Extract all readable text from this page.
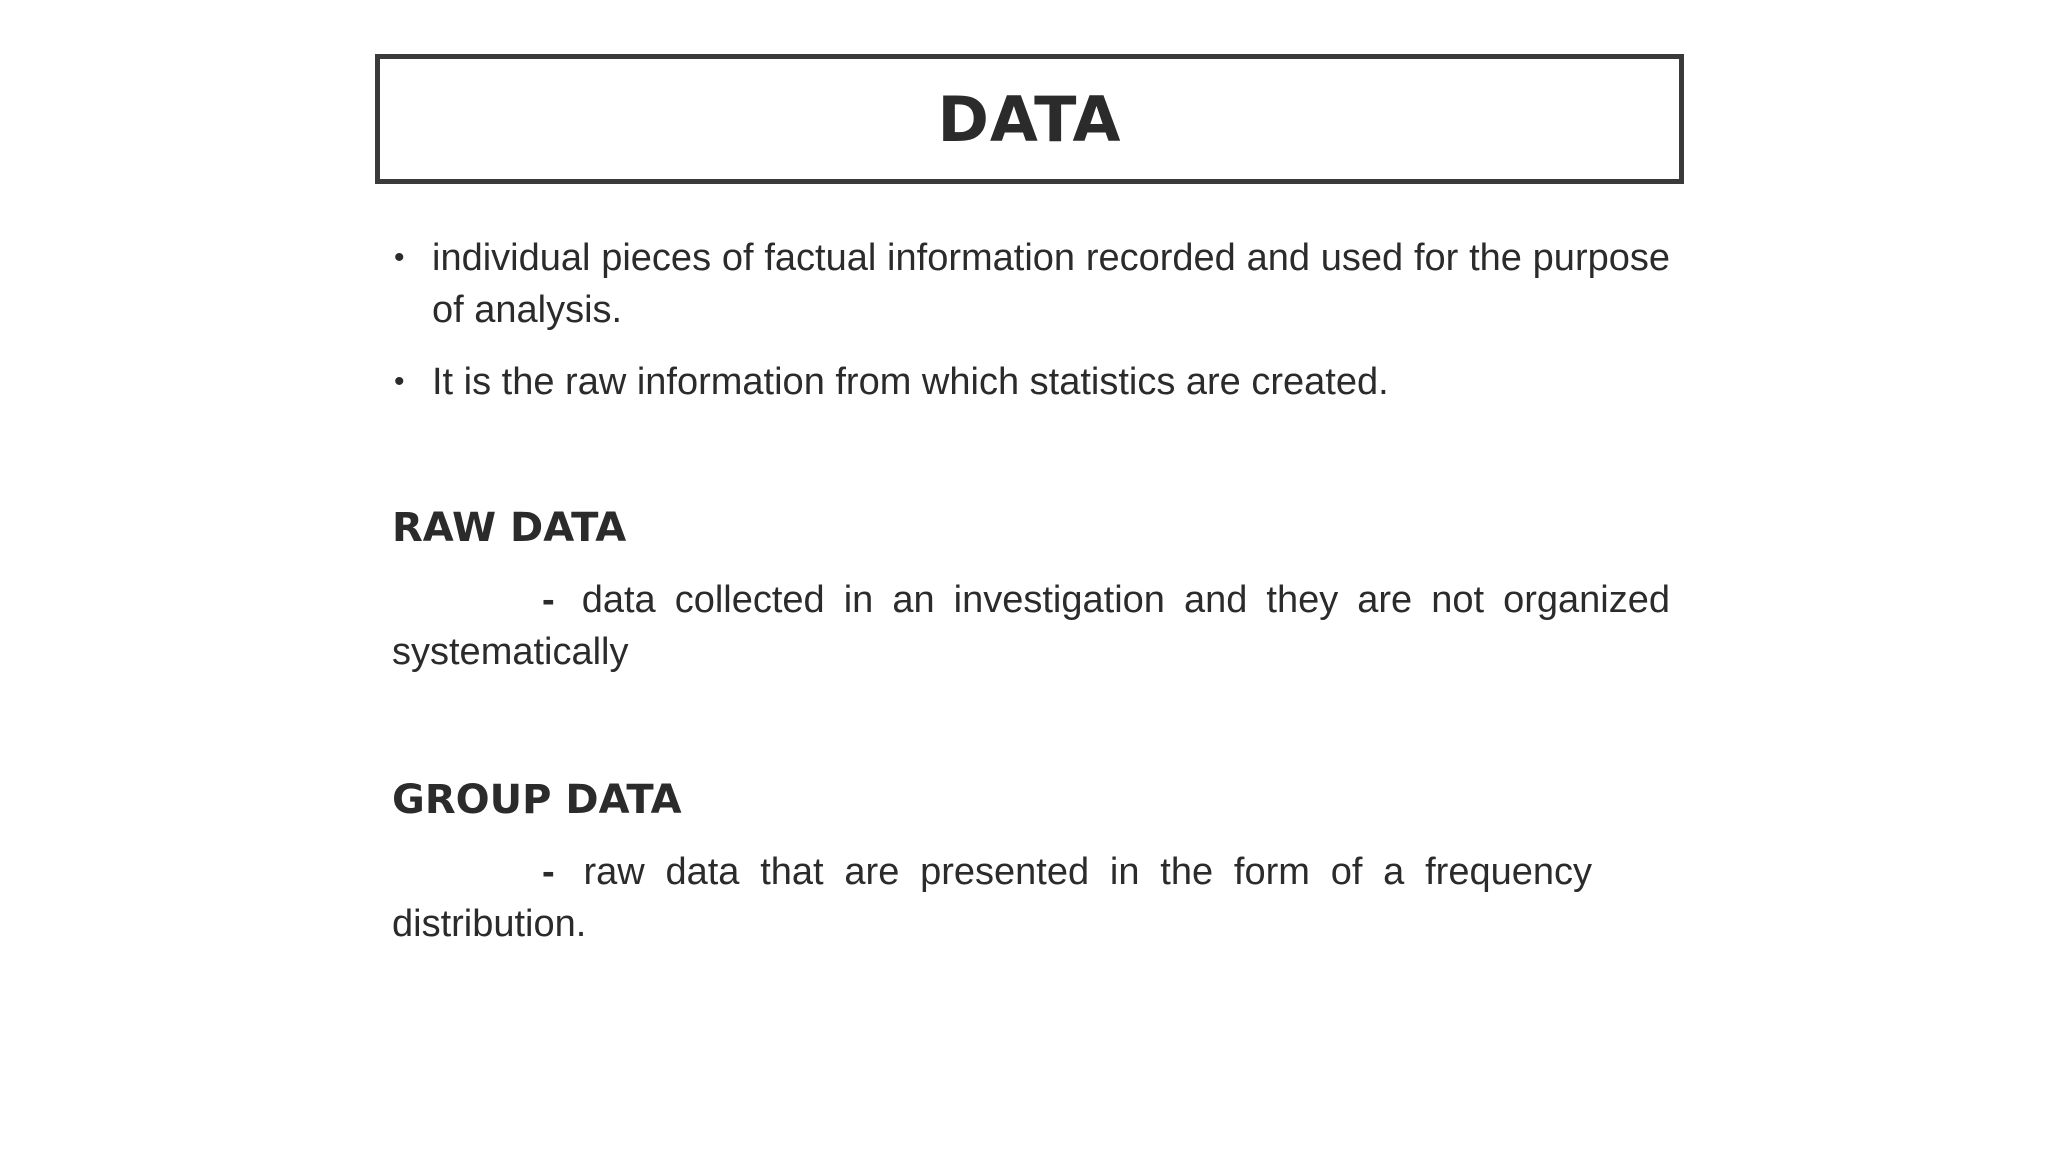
DATA
• individual pieces of factual information recorded and used for the purpose of analysis.
• It is the raw information from which statistics are created.
RAW DATA
- data collected in an investigation and they are not organized systematically
GROUP DATA
- raw data that are presented in the form of a frequency distribution.
